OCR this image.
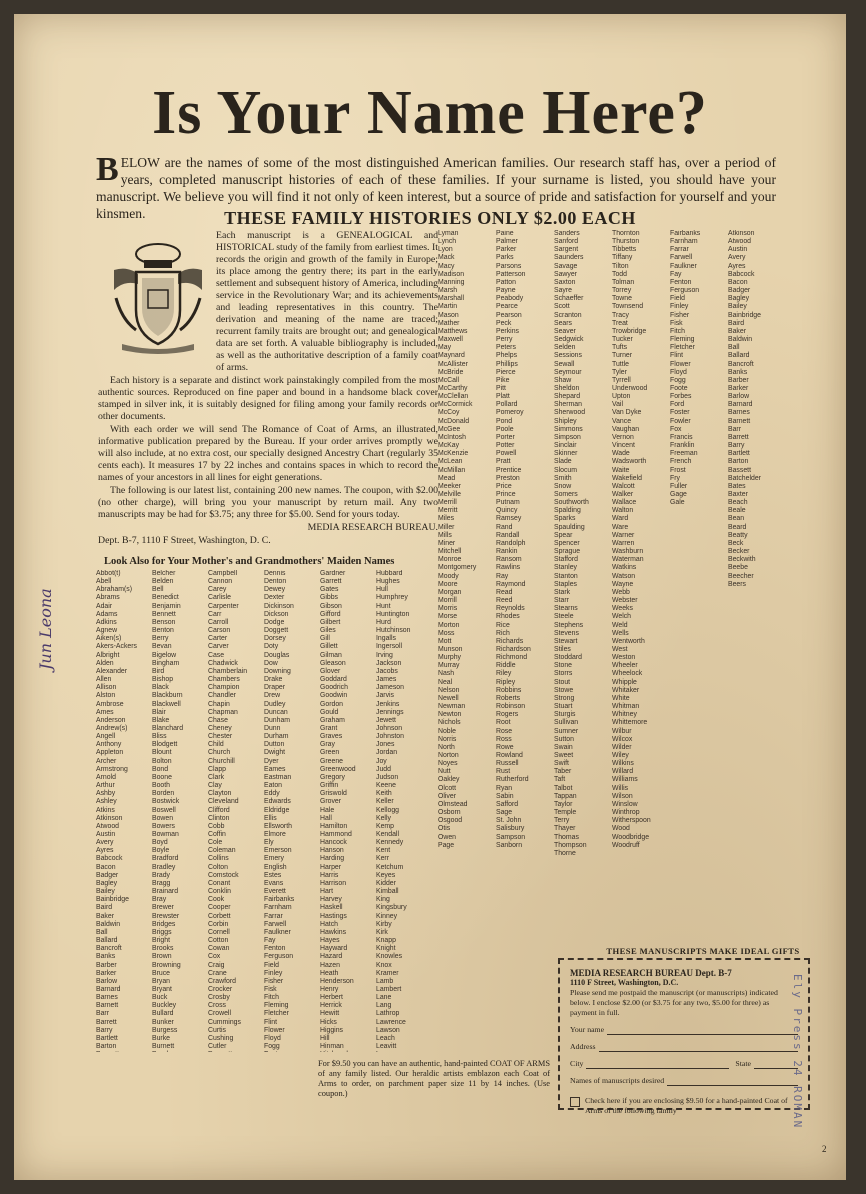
Is Your Name Here?
BELOW are the names of some of the most distinguished American families. Our research staff has, over a period of years, completed manuscript histories of each of these families. If your surname is listed, you should have your manuscript. We believe you will find it not only of keen interest, but a source of pride and satisfaction for yourself and your kinsmen.	THESE FAMILY HISTORIES ONLY $2.00 EACH

Each manuscript is a GENEALOGICAL and HISTORICAL study of the family from earliest times. It records the origin and growth of the family in Europe; its place among the gentry there; its part in the early settlement and subsequent history of America, including service in the Revolutionary War; and its achievements and leading representatives in this country. The derivation and meaning of the name are traced; recurrent family traits are brought out; and genealogical data are set forth. A valuable bibliography is included, as well as the authoritative description of a family coat of arms.

Each history is a separate and distinct work painstakingly compiled from the most authentic sources. Reproduced on fine paper and bound in a handsome black cover stamped in silver ink, it is suitably designed for filing among your family records or other documents.

With each order we will send The Romance of Coat of Arms, an illustrated, informative publication prepared by the Bureau. If your order arrives promptly we will also include, at no extra cost, our specially designed Ancestry Chart (regularly 35 cents each). It measures 17 by 22 inches and contains spaces in which to record the names of your ancestors in all lines for eight generations.

The following is our latest list, containing 200 new names. The coupon, with $2.00 (no other charge), will bring you your manuscript by return mail. Any two manuscripts may be had for $3.75; any three for $5.00. Send for yours today.

MEDIA RESEARCH BUREAU.

Dept. B-7, 1110 F Street, Washington, D. C.

Look Also for Your Mother's and Grandmothers' Maiden Names
Abbot(t)
Abell
Abraham(s)
Abrams
Adair
Adams
Adkins
Agnew
Aiken(s)
Akers-Ackers
Albright
Alden
Alexander
Allen
Allison
Alston
Ambrose
Ames
Anderson
Andrew(s)
Angell
Anthony
Appleton
Archer
Armstrong
Arnold
Arthur
Ashby
Ashley
Atkins
Atkinson
Atwood
Austin
Avery
Ayres
Babcock
Bacon
Badger
Bagley
Bailey
Bainbridge
Baird
Baker
Baldwin
Ball
Ballard
Bancroft
Banks
Barber
Barker
Barlow
Barnard
Barnes
Barnett
Barr
Barrett
Barry
Bartlett
Barton
Belcher
Belden
Bell
Benedict
Benjamin
Bennett
Benson
Benton
Berry
Bevan
Bigelow
Bingham
Bird
Bishop
Black
Blackburn
Blackwell
Blair
Blake
Blanchard
Bliss
Blodgett
Blount
Bolton
Bond
Boone
Booth
Borden
Bostwick
Boswell
Bowen
Bowers
Bowman
Boyd
Boyle
Bradford
Bradley
Brady
Bragg
Brainard
Bray
Brewer
Brewster
Bridges
Briggs
Bright
Brooks
Brown
Browning
Bruce
Bryan
Bryant
Buck
Buckley
Bullard
Bunker
Burgess
Burke
Burnett
Campbell
Cannon
Carey
Carlisle
Carpenter
Carr
Carroll
Carson
Carter
Carver
Case
Chadwick
Chamberlain
Chambers
Champion
Chandler
Chapin
Chapman
Chase
Cheney
Chester
Child
Church
Churchill
Clapp
Clark
Clay
Clayton
Cleveland
Clifford
Clinton
Cobb
Coffin
Cole
Coleman
Collins
Colton
Comstock
Conant
Conklin
Cook
Cooper
Corbett
Corbin
Cornell
Cotton
Cowan
Cox
Craig
Crane
Crawford
Crocker
Crosby
Cross
Crowell
Cummings
Curtis
Cushing
Cutler
Dennis
Denton
Dewey
Dexter
Dickinson
Dickson
Dodge
Doggett
Dorsey
Doty
Douglas
Dow
Downing
Drake
Draper
Drew
Dudley
Duncan
Dunham
Dunn
Durham
Dutton
Dwight
Dyer
Eames
Eastman
Eaton
Eddy
Edwards
Eldridge
Ellis
Ellsworth
Elmore
Ely
Emerson
Emery
English
Estes
Evans
Everett
Fairbanks
Farnham
Farrar
Farwell
Faulkner
Fay
Fenton
Ferguson
Field
Finley
Fisher
Fisk
Fitch
Fleming
Fletcher
Flint
Flower
Floyd
Fogg
Gardner
Garrett
Gates
Gibbs
Gibson
Gifford
Gilbert
Giles
Gill
Gillett
Gilman
Gleason
Glover
Goddard
Goodrich
Goodwin
Gordon
Gould
Graham
Grant
Graves
Gray
Green
Greene
Greenwood
Gregory
Griffin
Griswold
Grover
Hale
Hall
Hamilton
Hammond
Hancock
Hanson
Harding
Harper
Harris
Harrison
Hart
Harvey
Haskell
Hastings
Hatch
Hawkins
Hayes
Hayward
Hazard
Hazen
Heath
Henderson
Henry
Herbert
Herrick
Hewitt
Hicks
Higgins
Hill
Hinman
Hubbard
Hughes
Hull
Humphrey
Hunt
Huntington
Hurd
Hutchinson
Ingalls
Ingersoll
Irving
Jackson
Jacobs
James
Jameson
Jarvis
Jenkins
Jennings
Jewett
Johnson
Johnston
Jones
Jordan
Joy
Judd
Judson
Keene
Keith
Keller
Kellogg
Kelly
Kemp
Kendall
Kennedy
Kent
Kerr
Ketchum
Keyes
Kidder
Kimball
King
Kingsbury
Kinney
Kirby
Kirk
Knapp
Knight
Knowles
Knox
Kramer
Lamb
Lambert
Lane
Lang
Lathrop
Lawrence
Lawson
Leach
Leavitt
Lyman
Lynch
Lyon
Mack
Macy
Madison
Manning
Marsh
Marshall
Martin
Mason
Mather
Matthews
Maxwell
May
Maynard
McAllister
McBride
McCall
McCarthy
McClellan
McCormick
McCoy
McDonald
McGee
McIntosh
McKay
McKenzie
McLean
McMillan
Mead
Meeker
Melville
Merrill
Merritt
Miles
Miller
Mills
Miner
Mitchell
Monroe
Montgomery
Moody
Moore
Morgan
Morrill
Morris
Morse
Morton
Moss
Mott
Munson
Murphy
Murray
Nash
Neal
Nelson
Newell
Newman
Newton
Nichols
Noble
Norris
North
Norton
Noyes
Nutt
Oakley
Olcott
Oliver
Olmstead
Osborn
Osgood
Otis
Owen
Page
Paine
Palmer
Parker
Parks
Parsons
Patterson
Patton
Payne
Peabody
Pearce
Pearson
Peck
Perkins
Perry
Peters
Phelps
Phillips
Pierce
Pike
Pitt
Platt
Pollard
Pomeroy
Pond
Poole
Porter
Potter
Powell
Pratt
Prentice
Preston
Price
Prince
Putnam
Quincy
Ramsey
Rand
Randall
Randolph
Rankin
Ransom
Rawlins
Ray
Raymond
Read
Reed
Reynolds
Rhodes
Rice
Rich
Richards
Richardson
Richmond
Riddle
Riley
Ripley
Robbins
Roberts
Robinson
Rogers
Root
Rose
Ross
Rowe
Rowland
Russell
Rust
Rutherford
Ryan
Sabin
Safford
Sage
St. John
Salisbury
Sampson
Sanborn
Sanders
Sanford
Sargent
Saunders
Savage
Sawyer
Saxton
Sayre
Schaeffer
Scott
Scranton
Sears
Seaver
Sedgwick
Selden
Sessions
Sewall
Seymour
Shaw
Sheldon
Shepard
Sherman
Sherwood
Shipley
Simmons
Simpson
Sinclair
Skinner
Slade
Slocum
Smith
Snow
Somers
Southworth
Spalding
Sparks
Spaulding
Spear
Spencer
Sprague
Stafford
Stanley
Stanton
Staples
Stark
Starr
Stearns
Steele
Stephens
Stevens
Stewart
Stiles
Stoddard
Stone
Storrs
Stout
Stowe
Strong
Stuart
Sturgis
Sullivan
Sumner
Sutton
Swain
Sweet
Swift
Taber
Taft
Talbot
Tappan
Taylor
Temple
Terry
Thayer
Thomas
Thompson
Thorne
Thornton
Thurston
Tibbetts
Tiffany
Tilton
Todd
Tolman
Torrey
Towne
Townsend
Tracy
Treat
Trowbridge
Tucker
Tufts
Turner
Tuttle
Tyler
Tyrrell
Underwood
Upton
Vail
Van Dyke
Vance
Vaughan
Vernon
Vincent
Wade
Wadsworth
Waite
Wakefield
Walcott
Walker
Wallace
Walton
Ward
Ware
Warner
Warren
Washburn
Waterman
Watkins
Watson
Wayne
Webb
Webster
Weeks
Welch
Weld
Wells
Wentworth
West
Weston
Wheeler
Wheelock
Whipple
Whitaker
White
Whitman
Whitney
Whittemore
Wilbur
Wilcox
Wilder
Wiley
Wilkins
Willard
Williams
Willis
Wilson
Winslow
Winthrop
Witherspoon
Wood
Woodbridge
Woodruff
Fairbanks
Farnham
Farrar
Farwell
Faulkner
Fay
Fenton
Ferguson
Field
Finley
Fisher
Fisk
Fitch
Fleming
Fletcher
Flint
Flower
Floyd
Fogg
Foote
Forbes
Ford
Foster
Fowler
Fox
Francis
Franklin
Freeman
French
Frost
Fry
Fuller
Gage
Gale
Atkinson
Atwood
Austin
Avery
Ayres
Babcock
Bacon
Badger
Bagley
Bailey
Bainbridge
Baird
Baker
Baldwin
Ball
Ballard
Bancroft
Banks
Barber
Barker
Barlow
Barnard
Barnes
Barnett
Barr
Barrett
Barry
Bartlett
Barton
Bassett
Batchelder
Bates
Baxter
Beach
Beale
Bean
Beard
Beatty
Beck
Becker
Beckwith
Beebe
Beecher
Beers
For $9.50 you can have an authentic, hand-painted COAT OF ARMS of any family listed. Our heraldic artists emblazon each Coat of Arms to order, on parchment paper size 11 by 14 inches. (Use coupon.)
THESE MANUSCRIPTS MAKE IDEAL GIFTS
MEDIA RESEARCH BUREAU Dept. B-7
1110 F Street, Washington, D.C.
Please send me postpaid the manuscript (or manuscripts) indicated below. I enclose $2.00 (or $3.75 for any two, $5.00 for three) as payment in full.
Your name
Address
City	State
Names of manuscripts desired
Check here if you are enclosing $9.50 for a hand-painted Coat of Arms of the following family
Jun Leona
Ely Press 24 ROMAN
2
